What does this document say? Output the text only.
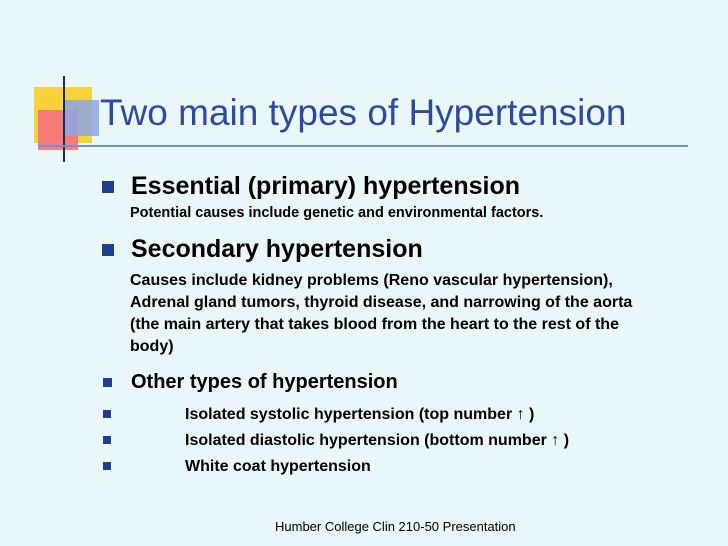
Two main types of Hypertension
Essential (primary) hypertension
Potential causes include genetic and environmental factors.
Secondary hypertension
Causes include kidney problems (Reno vascular hypertension),
Adrenal gland tumors, thyroid disease, and narrowing of the aorta
(the main artery that takes blood from the heart to the rest of the
body)
Other types of hypertension
Isolated systolic hypertension (top number ↑ )
Isolated diastolic hypertension (bottom number ↑ )
White coat hypertension
Humber College Clin 210-50 Presentation
